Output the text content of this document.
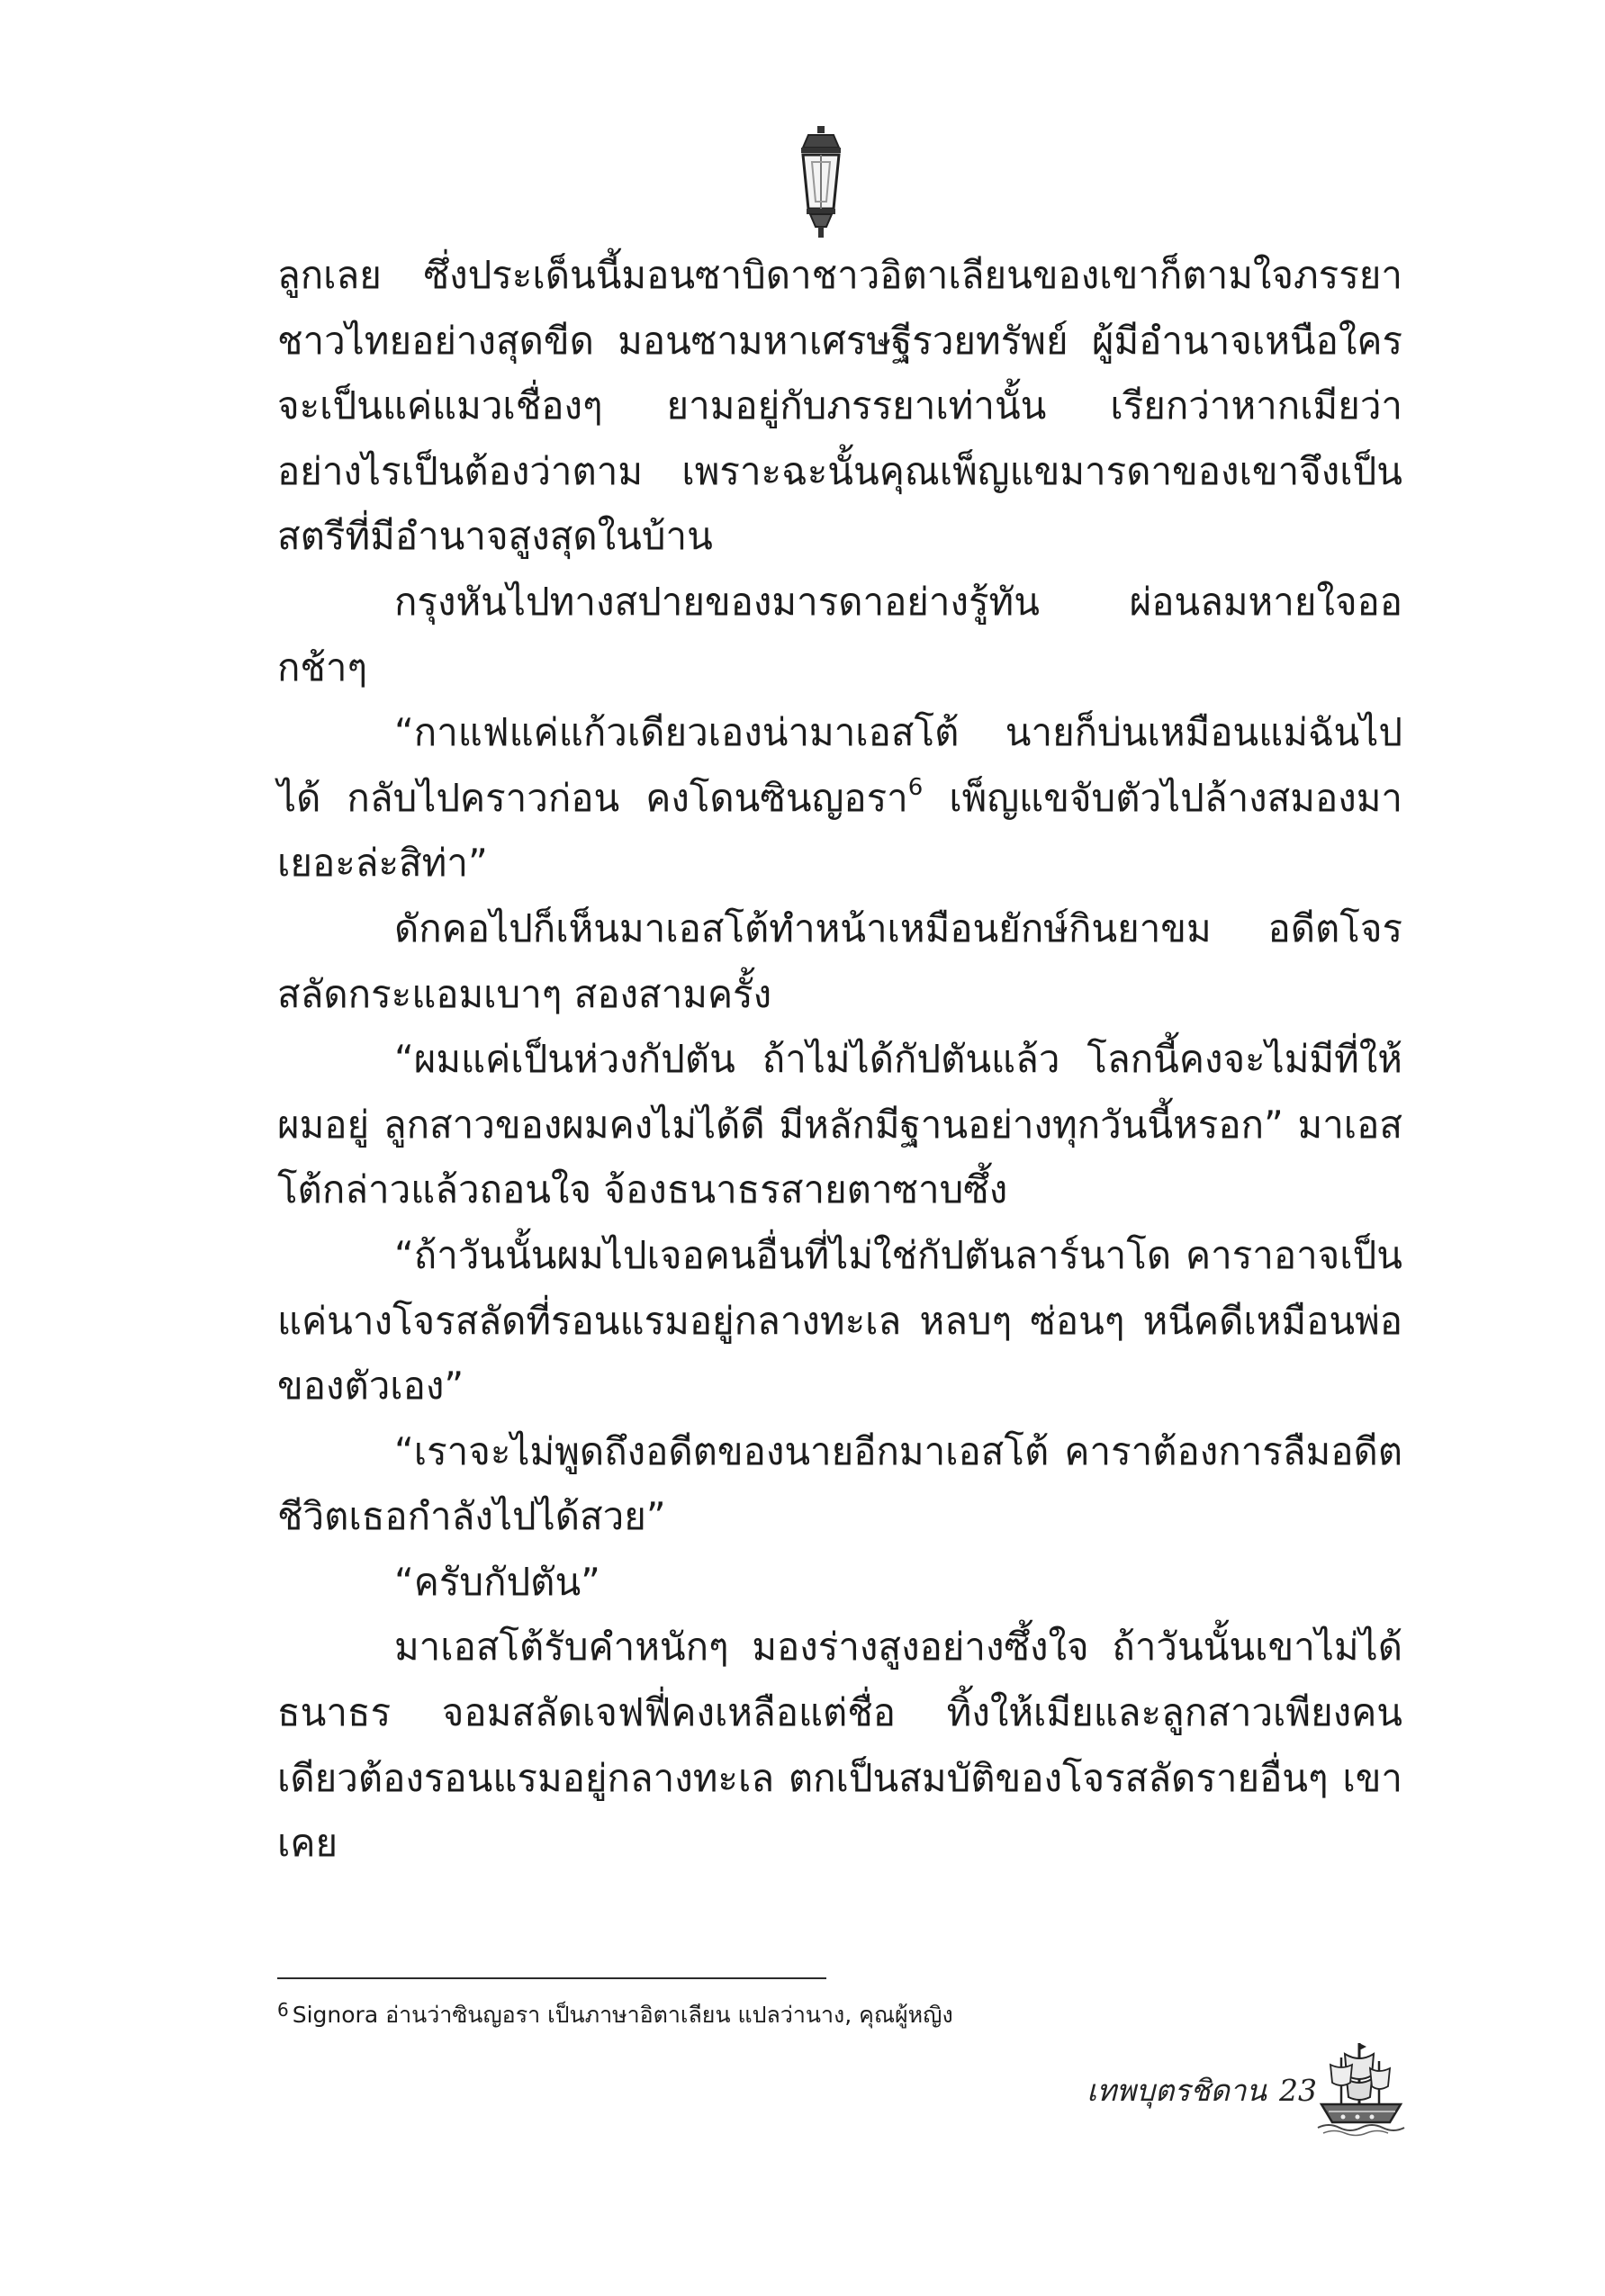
ลูกเลย ซึ่งประเด็นนี้มอนซาบิดาชาวอิตาเลียนของเขาก็ตามใจภรรยาชาวไทยอย่างสุดขีด มอนซามหาเศรษฐีรวยทรัพย์ ผู้มีอำนาจเหนือใครจะเป็นแค่แมวเชื่องๆ ยามอยู่กับภรรยาเท่านั้น เรียกว่าหากเมียว่าอย่างไรเป็นต้องว่าตาม เพราะฉะนั้นคุณเพ็ญแขมารดาของเขาจึงเป็นสตรีที่มีอำนาจสูงสุดในบ้าน

กรุงหันไปทางสปายของมารดาอย่างรู้ทัน ผ่อนลมหายใจออกช้าๆ

“กาแฟแค่แก้วเดียวเองน่ามาเอสโต้ นายก็บ่นเหมือนแม่ฉันไปได้ กลับไปคราวก่อน คงโดนซินญอรา$^6$ เพ็ญแขจับตัวไปล้างสมองมาเยอะล่ะสิท่า”

ดักคอไปก็เห็นมาเอสโต้ทำหน้าเหมือนยักษ์กินยาขม อดีตโจรสลัดกระแอมเบาๆ สองสามครั้ง

“ผมแค่เป็นห่วงกัปตัน ถ้าไม่ได้กัปตันแล้ว โลกนี้คงจะไม่มีที่ให้ผมอยู่ ลูกสาวของผมคงไม่ได้ดี มีหลักมีฐานอย่างทุกวันนี้หรอก” มาเอสโต้กล่าวแล้วถอนใจ จ้องธนาธรสายตาซาบซึ้ง

“ถ้าวันนั้นผมไปเจอคนอื่นที่ไม่ใช่กัปตันลาร์นาโด คาราอาจเป็นแค่นางโจรสลัดที่รอนแรมอยู่กลางทะเล หลบๆ ซ่อนๆ หนีคดีเหมือนพ่อของตัวเอง”

“เราจะไม่พูดถึงอดีตของนายอีกมาเอสโต้ คาราต้องการลืมอดีต ชีวิตเธอกำลังไปได้สวย”

“ครับกัปตัน”

มาเอสโต้รับคำหนักๆ มองร่างสูงอย่างซึ้งใจ ถ้าวันนั้นเขาไม่ได้ธนาธร จอมสลัดเจฟฟี่คงเหลือแต่ชื่อ ทิ้งให้เมียและลูกสาวเพียงคนเดียวต้องรอนแรมอยู่กลางทะเล ตกเป็นสมบัติของโจรสลัดรายอื่นๆ เขาเคย

$^6$ Signora อ่านว่าซินญอรา เป็นภาษาอิตาเลียน แปลว่านาง, คุณผู้หญิง
เทพบุตรชิดาน 23
